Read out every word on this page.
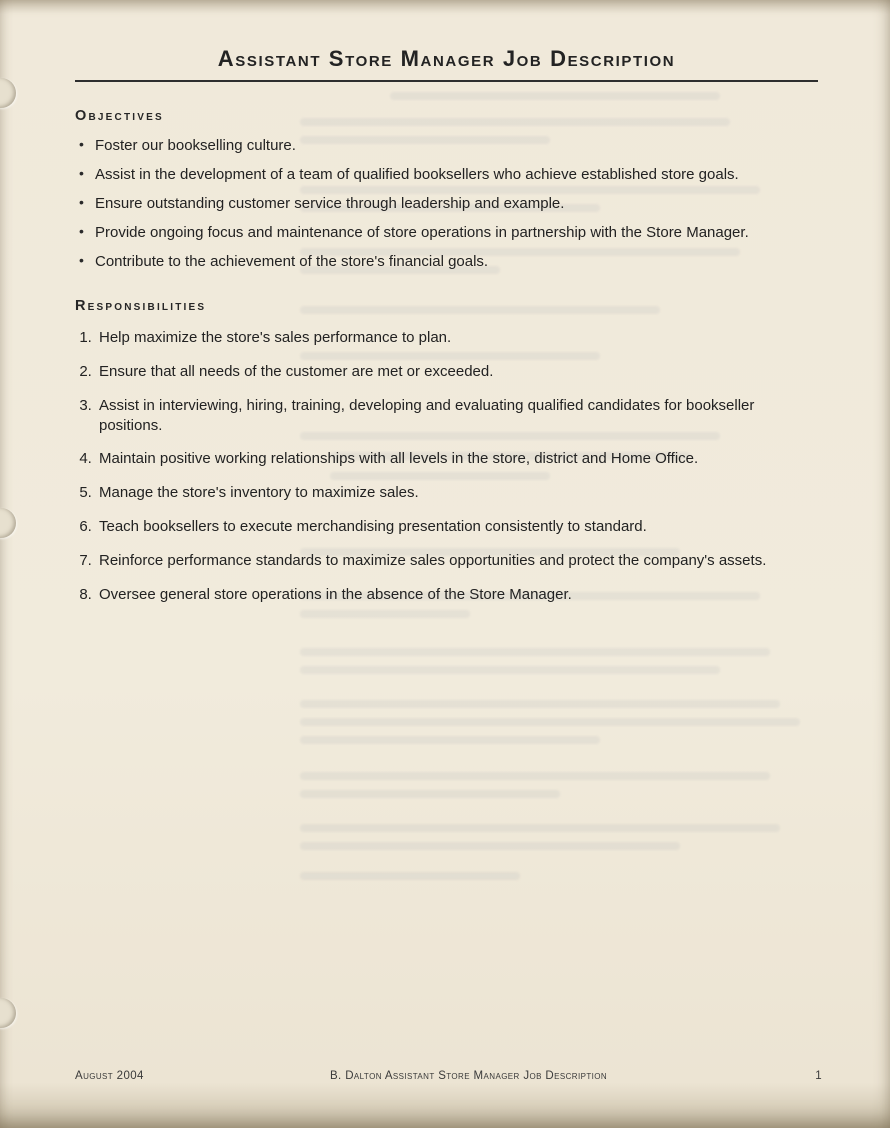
Assistant Store Manager Job Description
Objectives
• Foster our bookselling culture.
• Assist in the development of a team of qualified booksellers who achieve established store goals.
• Ensure outstanding customer service through leadership and example.
• Provide ongoing focus and maintenance of store operations in partnership with the Store Manager.
• Contribute to the achievement of the store's financial goals.
Responsibilities
1. Help maximize the store's sales performance to plan.
2. Ensure that all needs of the customer are met or exceeded.
3. Assist in interviewing, hiring, training, developing and evaluating qualified candidates for bookseller positions.
4. Maintain positive working relationships with all levels in the store, district and Home Office.
5. Manage the store's inventory to maximize sales.
6. Teach booksellers to execute merchandising presentation consistently to standard.
7. Reinforce performance standards to maximize sales opportunities and protect the company's assets.
8. Oversee general store operations in the absence of the Store Manager.
August 2004	B. Dalton Assistant Store Manager Job Description	1
